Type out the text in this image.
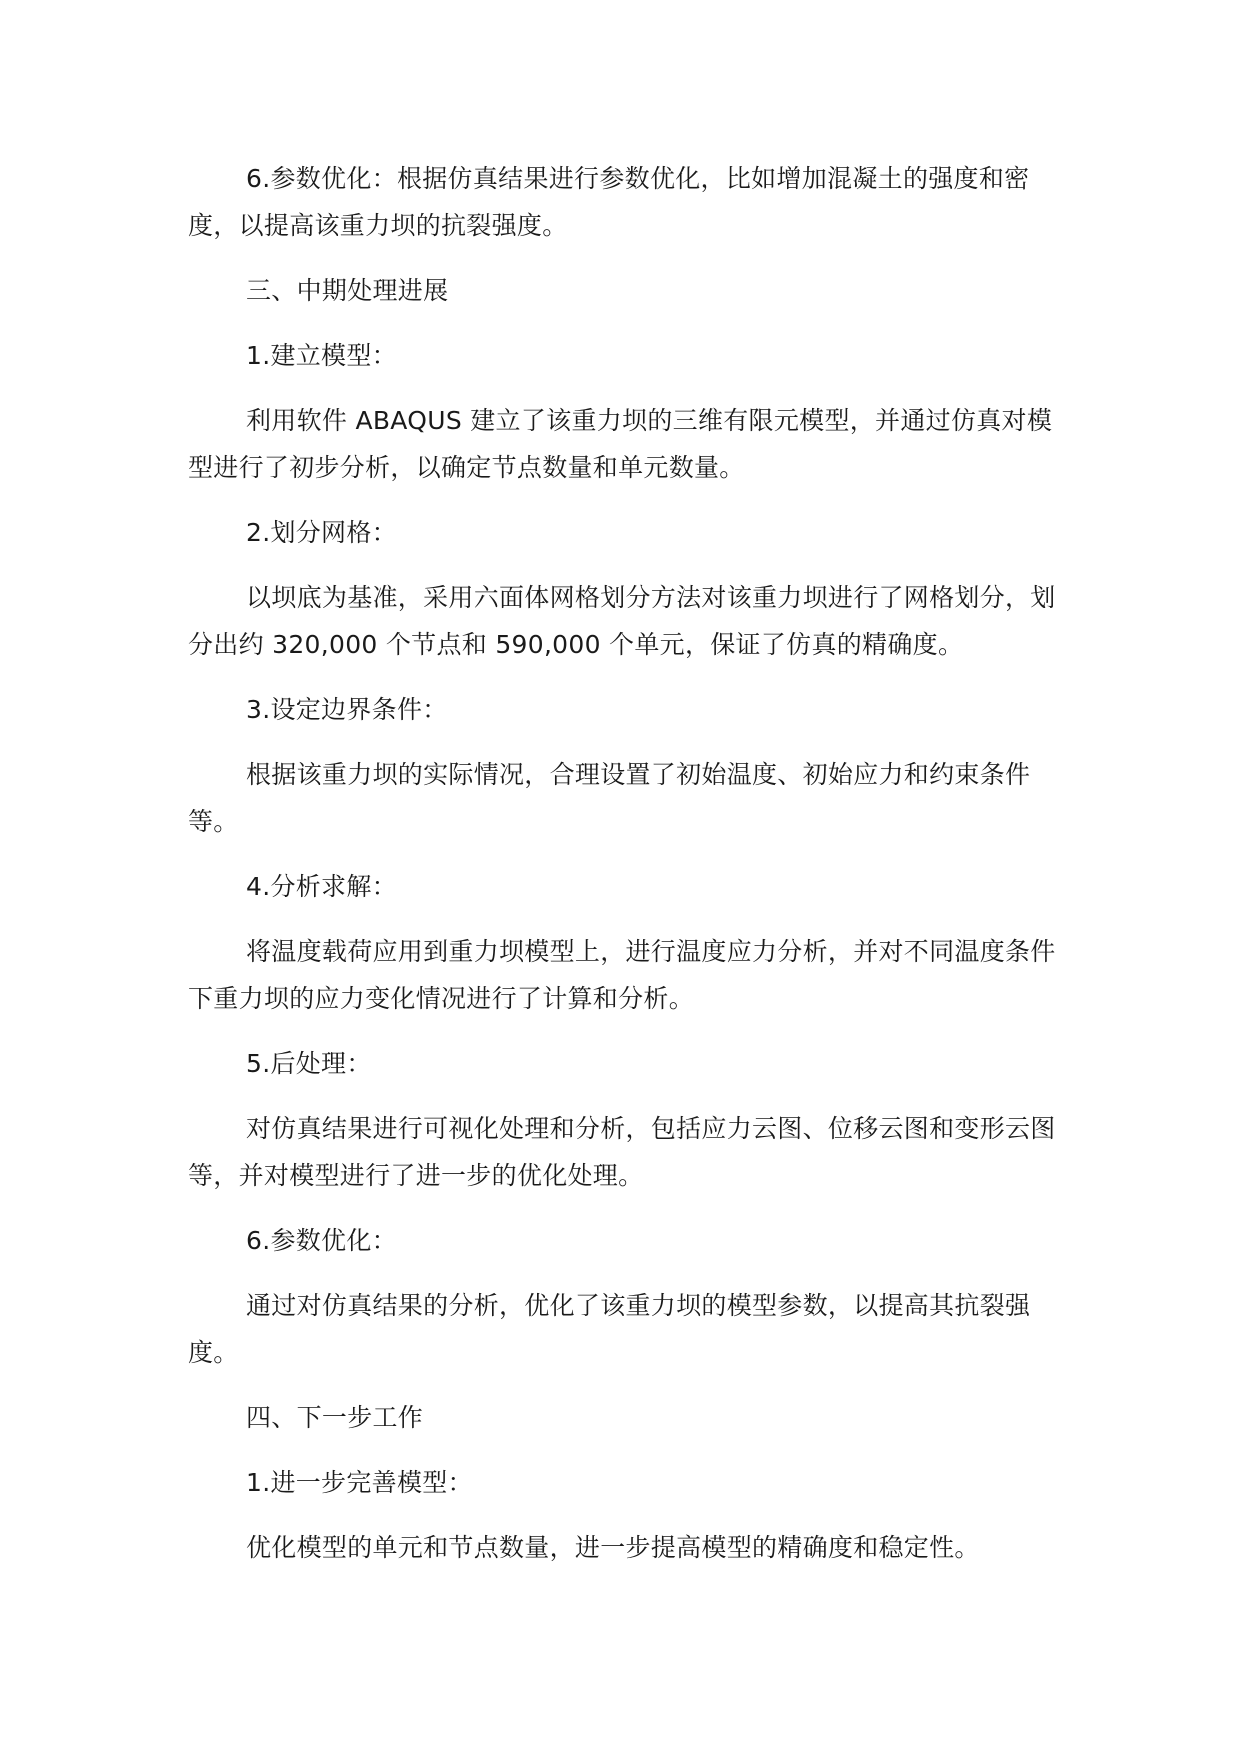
6.参数优化：根据仿真结果进行参数优化，比如增加混凝土的强度和密度，以提高该重力坝的抗裂强度。

三、中期处理进展

1.建立模型：

利用软件 ABAQUS 建立了该重力坝的三维有限元模型，并通过仿真对模型进行了初步分析，以确定节点数量和单元数量。

2.划分网格：

以坝底为基准，采用六面体网格划分方法对该重力坝进行了网格划分，划分出约 320,000 个节点和 590,000 个单元，保证了仿真的精确度。

3.设定边界条件：

根据该重力坝的实际情况，合理设置了初始温度、初始应力和约束条件等。

4.分析求解：

将温度载荷应用到重力坝模型上，进行温度应力分析，并对不同温度条件下重力坝的应力变化情况进行了计算和分析。

5.后处理：

对仿真结果进行可视化处理和分析，包括应力云图、位移云图和变形云图等，并对模型进行了进一步的优化处理。

6.参数优化：

通过对仿真结果的分析，优化了该重力坝的模型参数，以提高其抗裂强度。

四、下一步工作

1.进一步完善模型：

优化模型的单元和节点数量，进一步提高模型的精确度和稳定性。
